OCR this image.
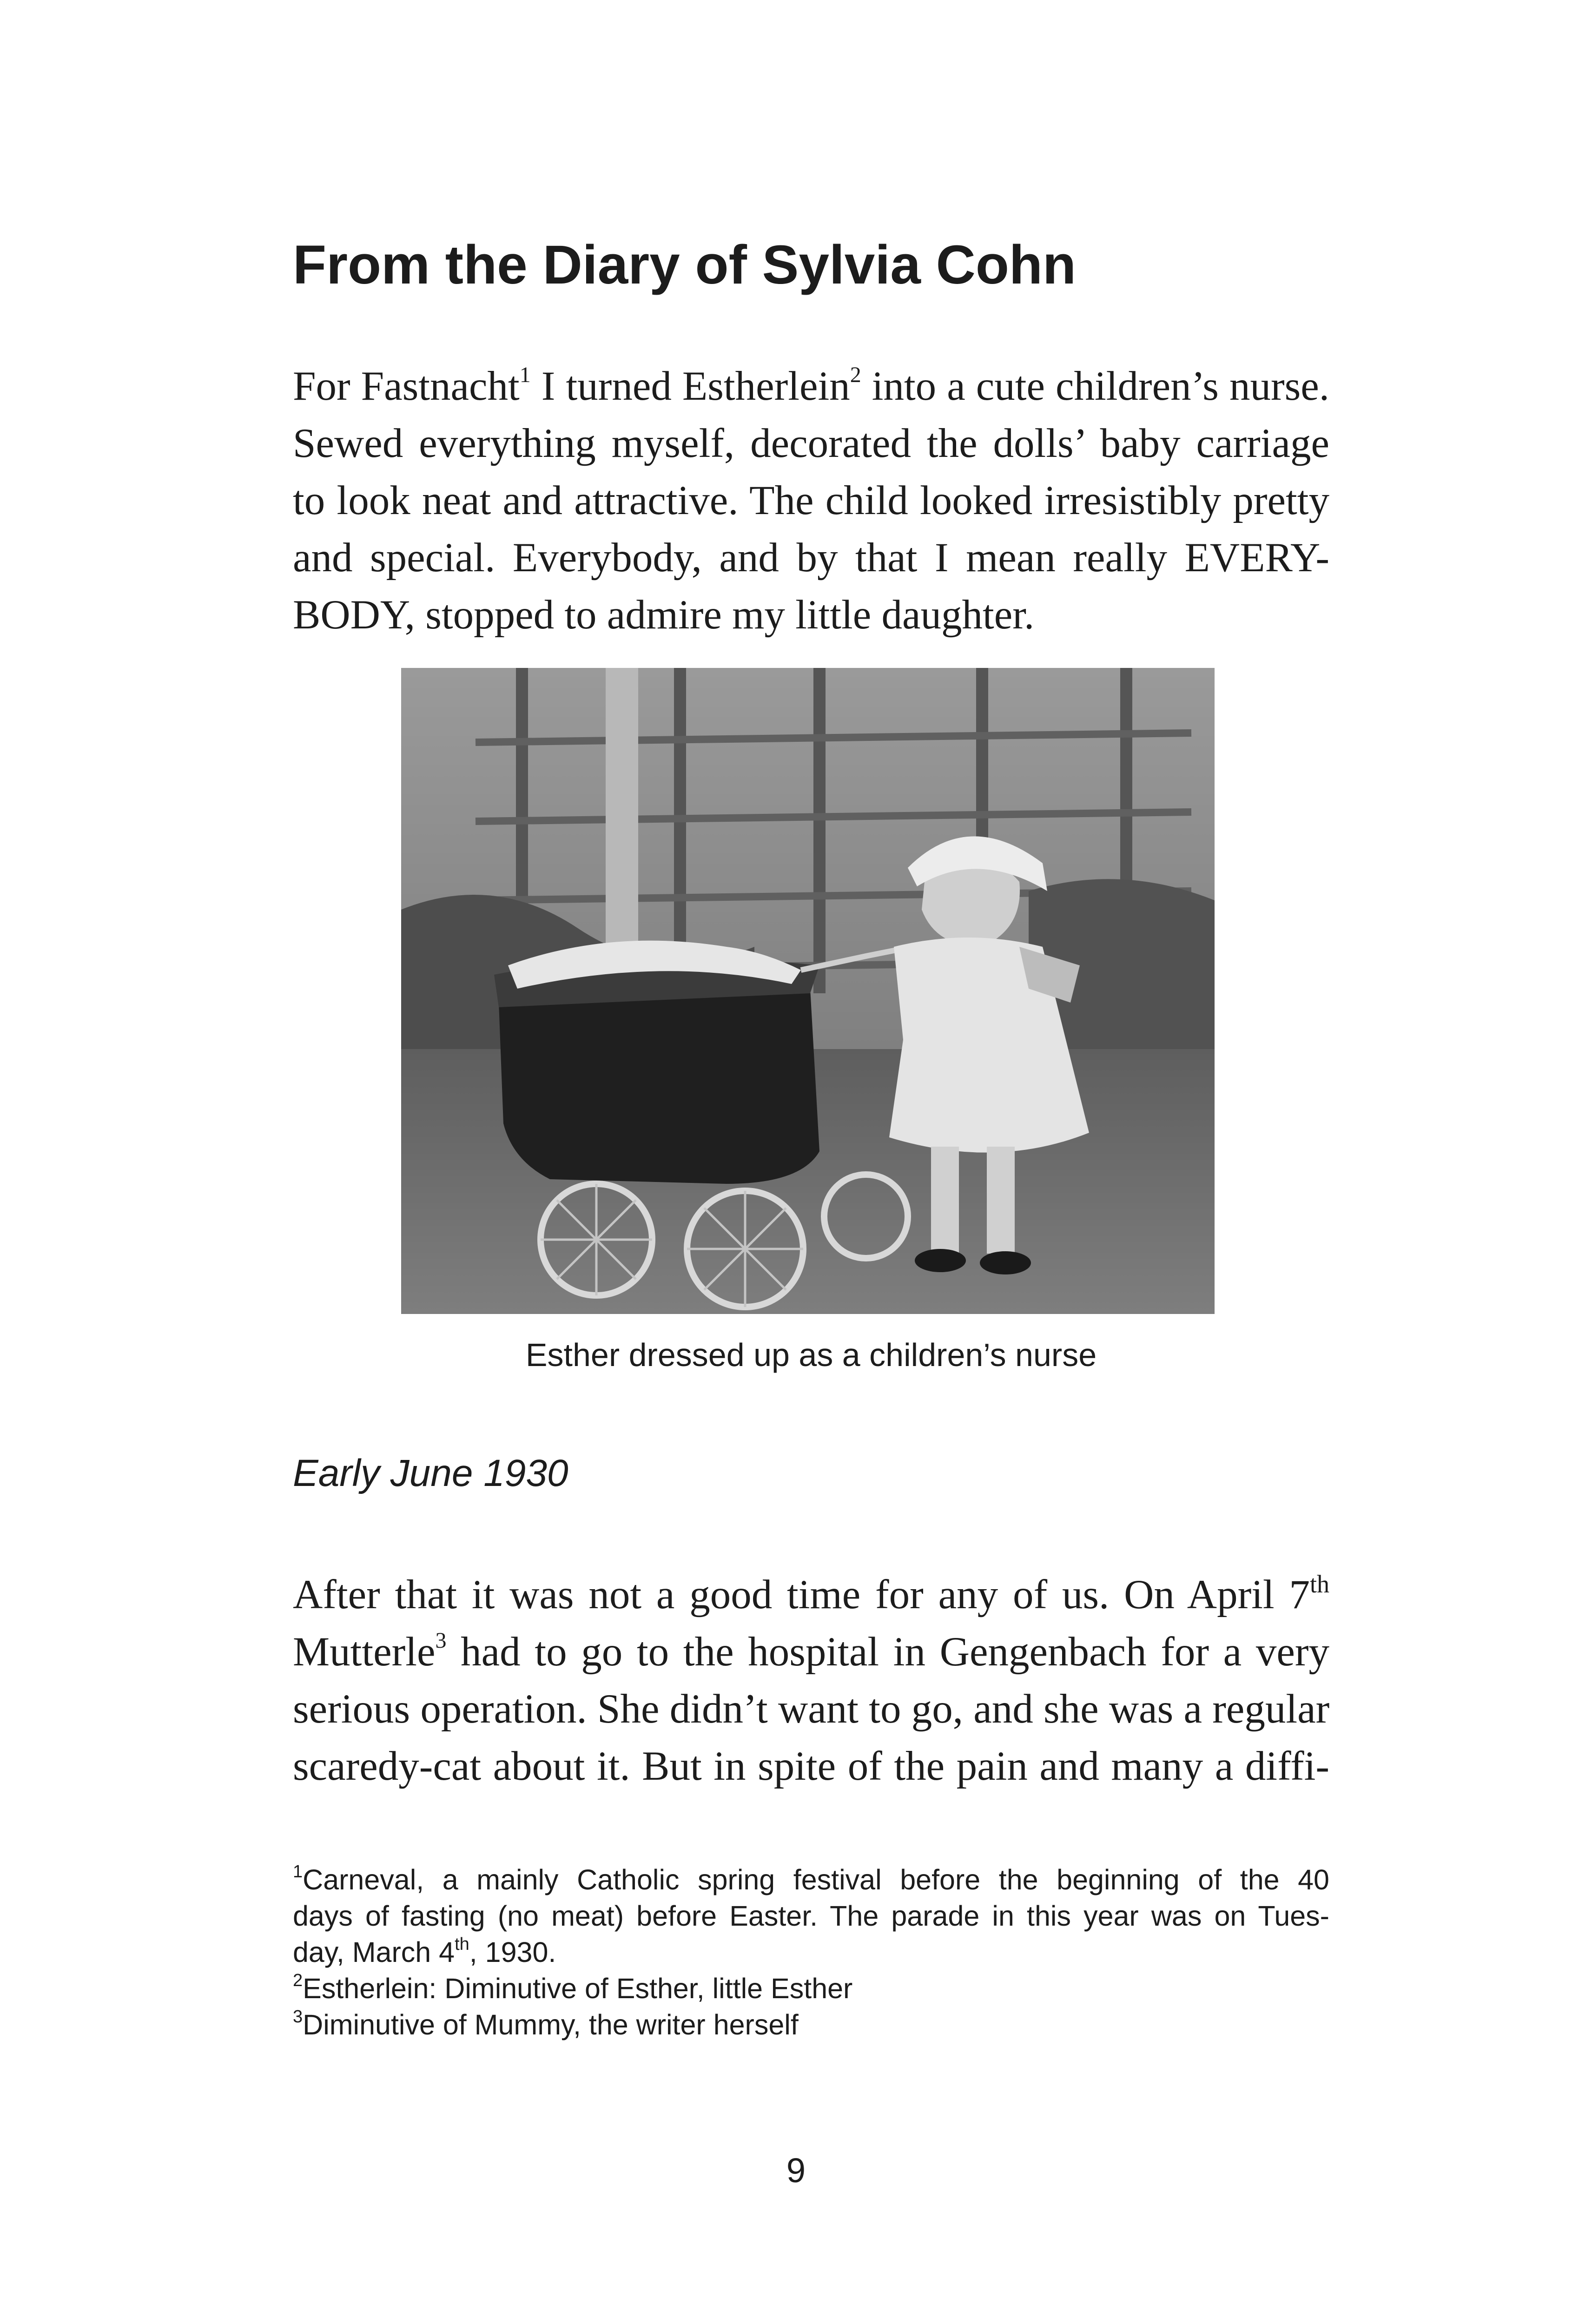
From the Diary of Sylvia Cohn
For Fastnacht$^1$ I turned Estherlein$^2$ into a cute children’s nurse.
Sewed everything myself, decorated the dolls’ baby carriage
to look neat and attractive. The child looked irresistibly pretty
and special. Everybody, and by that I mean really EVERY-
BODY, stopped to admire my little daughter.

Esther dressed up as a children’s nurse

Early June 1930

After that it was not a good time for any of us. On April 7th
Mutterle$^3$ had to go to the hospital in Gengenbach for a very
serious operation. She didn’t want to go, and she was a regular
scaredy-cat about it. But in spite of the pain and many a diffi-
$^1$Carneval, a mainly Catholic spring festival before the beginning of the 40
days of fasting (no meat) before Easter. The parade in this year was on Tues-
day, March 4th, 1930.
$^2$Estherlein: Diminutive of Esther, little Esther
$^3$Diminutive of Mummy, the writer herself
9
